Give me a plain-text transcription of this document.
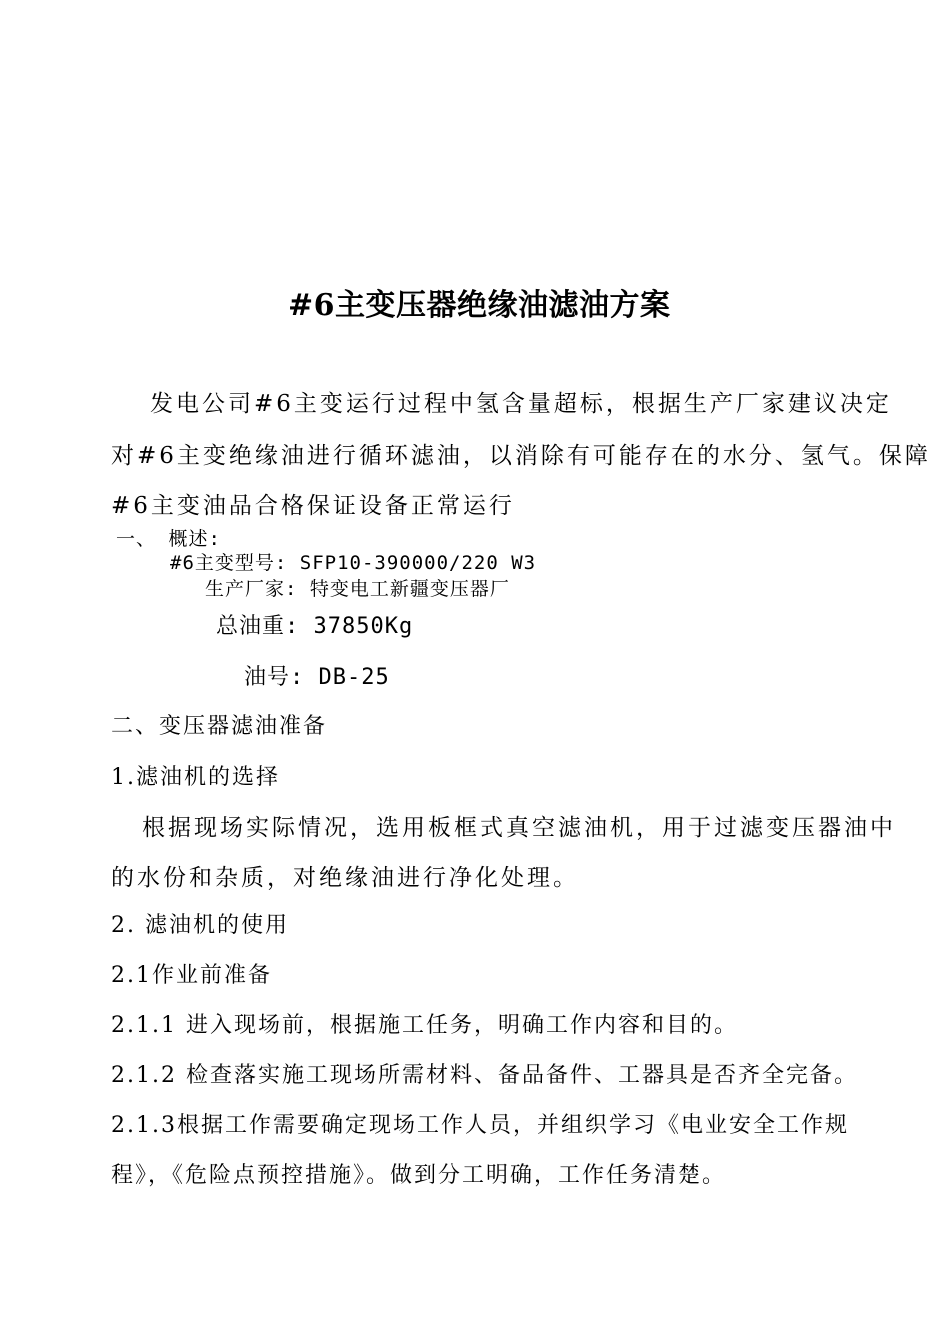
#6主变压器绝缘油滤油方案

发电公司#6主变运行过程中氢含量超标，根据生产厂家建议决定

对#6主变绝缘油进行循环滤油，以消除有可能存在的水分、氢气。保障

#6主变油品合格保证设备正常运行

一、 概述:

#6主变型号: SFP10-390000/220 W3

生产厂家: 特变电工新疆变压器厂

总油重: 37850Kg

油号: DB-25

二、变压器滤油准备

1.滤油机的选择

根据现场实际情况，选用板框式真空滤油机，用于过滤变压器油中

的水份和杂质，对绝缘油进行净化处理。

2. 滤油机的使用

2.1作业前准备

2.1.1 进入现场前，根据施工任务，明确工作内容和目的。

2.1.2 检查落实施工现场所需材料、备品备件、工器具是否齐全完备。

2.1.3根据工作需要确定现场工作人员，并组织学习《电业安全工作规

程》，《危险点预控措施》。做到分工明确，工作任务清楚。
